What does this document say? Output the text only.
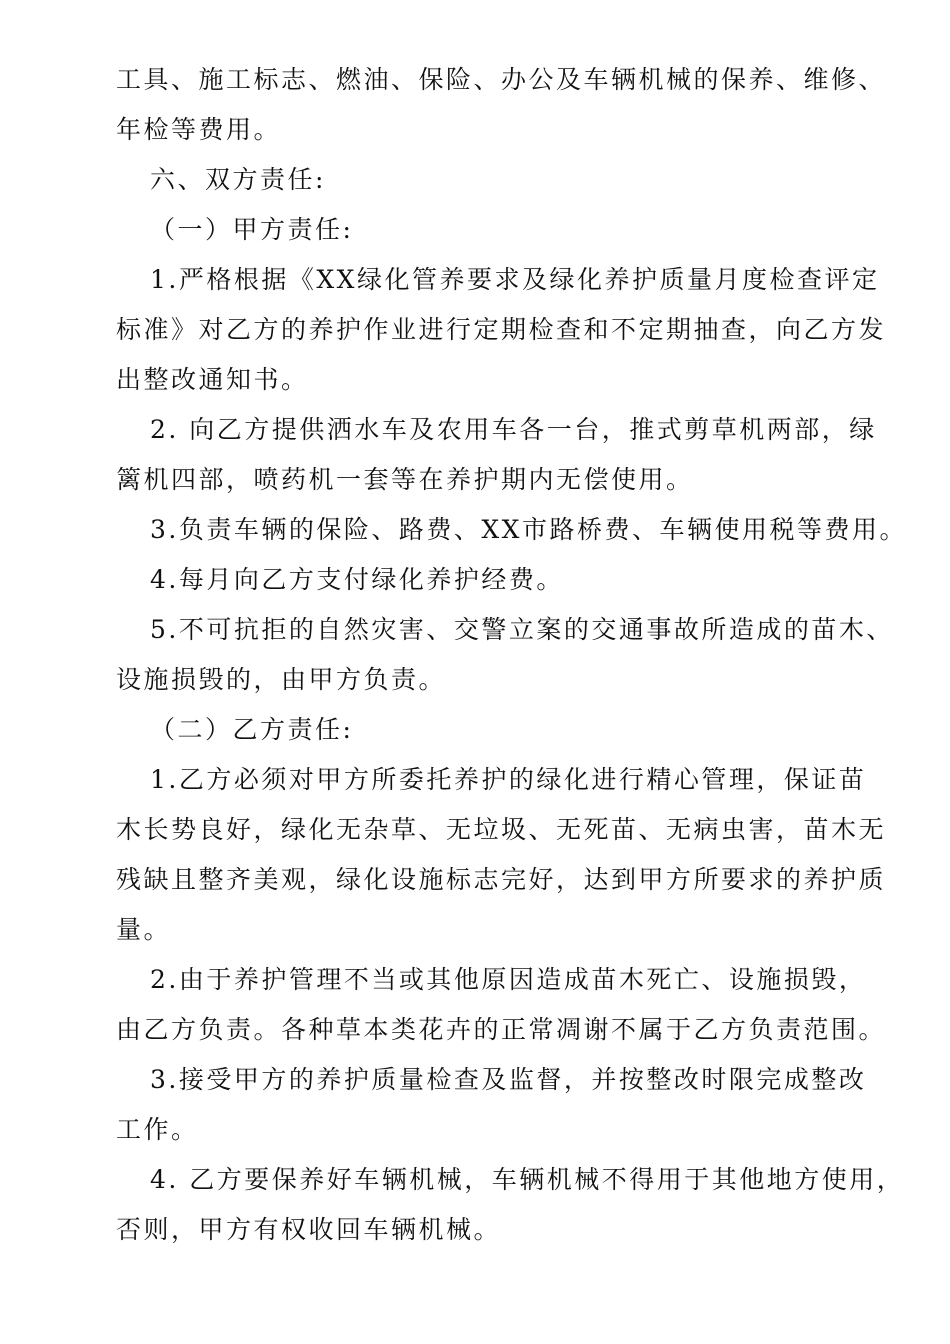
工具、施工标志、燃油、保险、办公及车辆机械的保养、维修、
年检等费用。
六、双方责任:
（一）甲方责任:
1.严格根据《XX绿化管养要求及绿化养护质量月度检查评定
标准》对乙方的养护作业进行定期检查和不定期抽查，向乙方发
出整改通知书。
2. 向乙方提供洒水车及农用车各一台，推式剪草机两部，绿
篱机四部，喷药机一套等在养护期内无偿使用。
3.负责车辆的保险、路费、XX市路桥费、车辆使用税等费用。
4.每月向乙方支付绿化养护经费。
5.不可抗拒的自然灾害、交警立案的交通事故所造成的苗木、
设施损毁的，由甲方负责。
（二）乙方责任:
1.乙方必须对甲方所委托养护的绿化进行精心管理，保证苗
木长势良好，绿化无杂草、无垃圾、无死苗、无病虫害，苗木无
残缺且整齐美观，绿化设施标志完好，达到甲方所要求的养护质
量。
2.由于养护管理不当或其他原因造成苗木死亡、设施损毁，
由乙方负责。各种草本类花卉的正常凋谢不属于乙方负责范围。
3.接受甲方的养护质量检查及监督，并按整改时限完成整改
工作。
4. 乙方要保养好车辆机械，车辆机械不得用于其他地方使用，
否则，甲方有权收回车辆机械。
